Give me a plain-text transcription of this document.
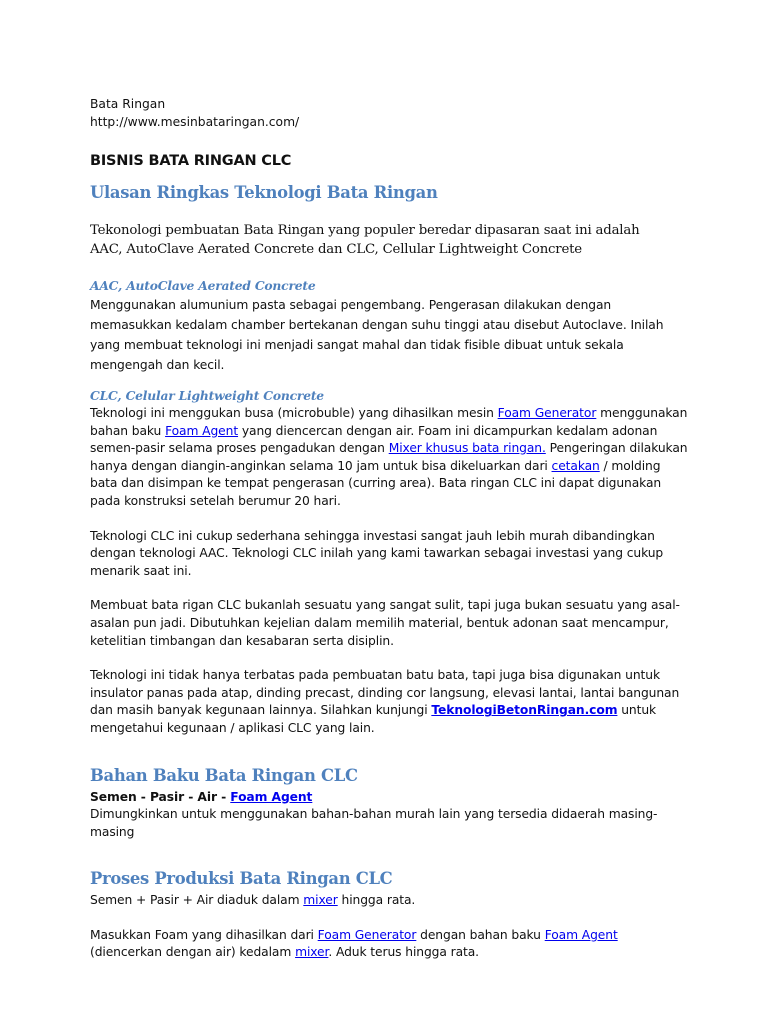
Bata Ringan

http://www.mesinbataringan.com/

BISNIS BATA RINGAN CLC

Ulasan Ringkas Teknologi Bata Ringan

Tekonologi pembuatan Bata Ringan yang populer beredar dipasaran saat ini adalah

AAC, AutoClave Aerated Concrete dan CLC, Cellular Lightweight Concrete

AAC, AutoClave Aerated Concrete

Menggunakan alumunium pasta sebagai pengembang. Pengerasan dilakukan dengan memasukkan kedalam chamber bertekanan dengan suhu tinggi atau disebut Autoclave. Inilah yang membuat teknologi ini menjadi sangat mahal dan tidak fisible dibuat untuk sekala mengengah dan kecil.

CLC, Celular Lightweight Concrete

Teknologi ini menggukan busa (microbuble) yang dihasilkan mesin Foam Generator menggunakan bahan baku Foam Agent yang diencercan dengan air. Foam ini dicampurkan kedalam adonan semen-pasir selama proses pengadukan dengan Mixer khusus bata ringan. Pengeringan dilakukan hanya dengan diangin-anginkan selama 10 jam untuk bisa dikeluarkan dari cetakan / molding bata dan disimpan ke tempat pengerasan (curring area). Bata ringan CLC ini dapat digunakan pada konstruksi setelah berumur 20 hari.

Teknologi CLC ini cukup sederhana sehingga investasi sangat jauh lebih murah dibandingkan dengan teknologi AAC. Teknologi CLC inilah yang kami tawarkan sebagai investasi yang cukup menarik saat ini.

Membuat bata rigan CLC bukanlah sesuatu yang sangat sulit, tapi juga bukan sesuatu yang asal-asalan pun jadi. Dibutuhkan kejelian dalam memilih material, bentuk adonan saat mencampur, ketelitian timbangan dan kesabaran serta disiplin.

Teknologi ini tidak hanya terbatas pada pembuatan batu bata, tapi juga bisa digunakan untuk insulator panas pada atap, dinding precast, dinding cor langsung, elevasi lantai, lantai bangunan dan masih banyak kegunaan lainnya. Silahkan kunjungi TeknologiBetonRingan.com untuk mengetahui kegunaan / aplikasi CLC yang lain.

Bahan Baku Bata Ringan CLC

Semen - Pasir - Air - Foam Agent

Dimungkinkan untuk menggunakan bahan-bahan murah lain yang tersedia didaerah masing-masing

Proses Produksi Bata Ringan CLC

Semen + Pasir + Air diaduk dalam mixer hingga rata.

Masukkan Foam yang dihasilkan dari Foam Generator dengan bahan baku Foam Agent (diencerkan dengan air) kedalam mixer. Aduk terus hingga rata.
